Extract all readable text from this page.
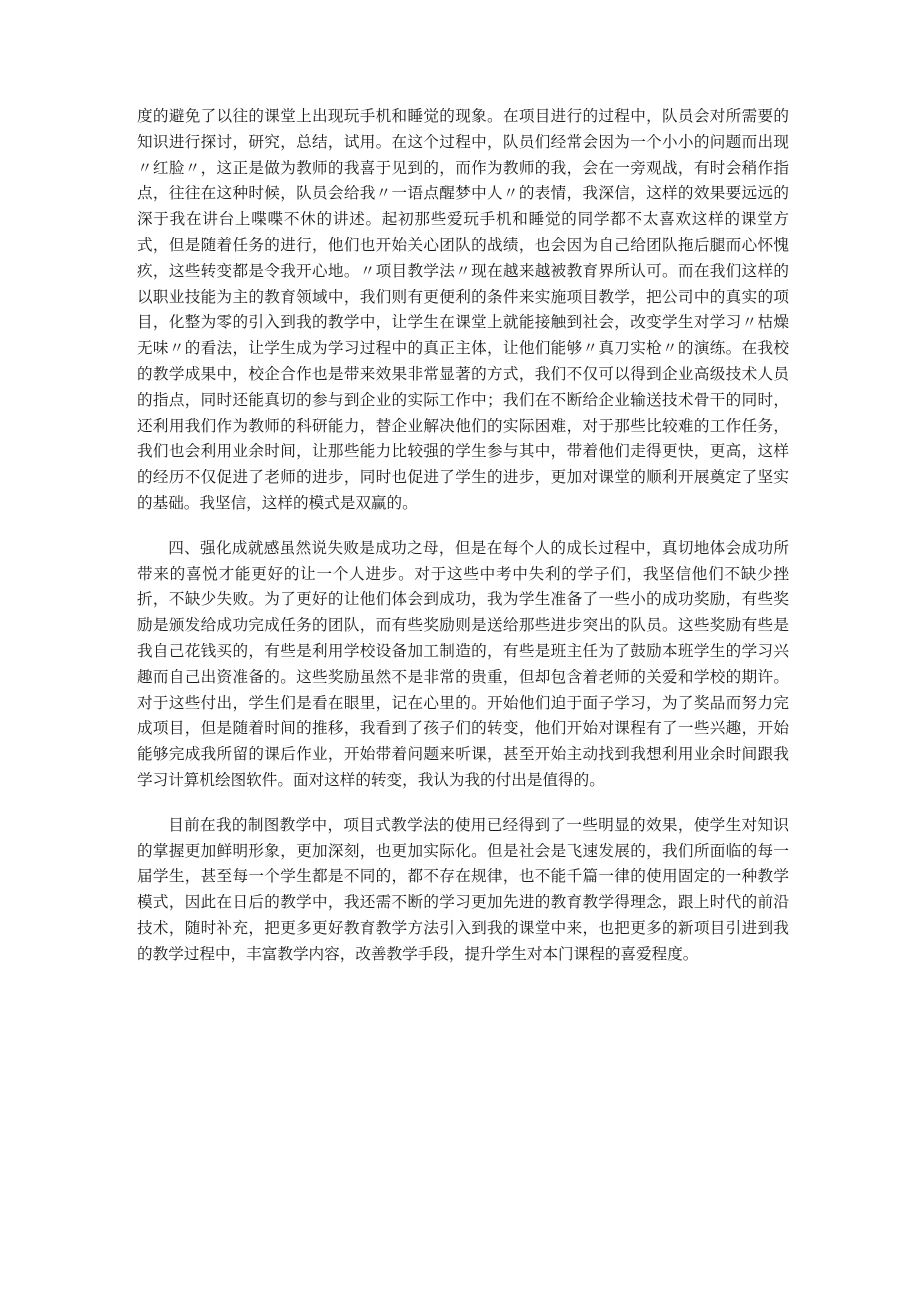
度的避免了以往的课堂上出现玩手机和睡觉的现象。在项目进行的过程中，队员会对所需要的知识进行探讨，研究，总结，试用。在这个过程中，队员们经常会因为一个小小的问题而出现〃红脸〃，这正是做为教师的我喜于见到的，而作为教师的我，会在一旁观战，有时会稍作指点，往往在这种时候，队员会给我〃一语点醒梦中人〃的表情，我深信，这样的效果要远远的深于我在讲台上喋喋不休的讲述。起初那些爱玩手机和睡觉的同学都不太喜欢这样的课堂方式，但是随着任务的进行，他们也开始关心团队的战绩，也会因为自己给团队拖后腿而心怀愧疚，这些转变都是令我开心地。〃项目教学法〃现在越来越被教育界所认可。而在我们这样的以职业技能为主的教育领域中，我们则有更便利的条件来实施项目教学，把公司中的真实的项目，化整为零的引入到我的教学中，让学生在课堂上就能接触到社会，改变学生对学习〃枯燥无味〃的看法，让学生成为学习过程中的真正主体，让他们能够〃真刀实枪〃的演练。在我校的教学成果中，校企合作也是带来效果非常显著的方式，我们不仅可以得到企业高级技术人员的指点，同时还能真切的参与到企业的实际工作中；我们在不断给企业输送技术骨干的同时，还利用我们作为教师的科研能力，替企业解决他们的实际困难，对于那些比较难的工作任务，我们也会利用业余时间，让那些能力比较强的学生参与其中，带着他们走得更快，更高，这样的经历不仅促进了老师的进步，同时也促进了学生的进步，更加对课堂的顺利开展奠定了坚实的基础。我坚信，这样的模式是双赢的。

四、强化成就感虽然说失败是成功之母，但是在每个人的成长过程中，真切地体会成功所带来的喜悦才能更好的让一个人进步。对于这些中考中失利的学子们，我坚信他们不缺少挫折，不缺少失败。为了更好的让他们体会到成功，我为学生准备了一些小的成功奖励，有些奖励是颁发给成功完成任务的团队，而有些奖励则是送给那些进步突出的队员。这些奖励有些是我自己花钱买的，有些是利用学校设备加工制造的，有些是班主任为了鼓励本班学生的学习兴趣而自己出资准备的。这些奖励虽然不是非常的贵重，但却包含着老师的关爱和学校的期许。对于这些付出，学生们是看在眼里，记在心里的。开始他们迫于面子学习，为了奖品而努力完成项目，但是随着时间的推移，我看到了孩子们的转变，他们开始对课程有了一些兴趣，开始能够完成我所留的课后作业，开始带着问题来听课，甚至开始主动找到我想利用业余时间跟我学习计算机绘图软件。面对这样的转变，我认为我的付出是值得的。

目前在我的制图教学中，项目式教学法的使用已经得到了一些明显的效果，使学生对知识的掌握更加鲜明形象，更加深刻，也更加实际化。但是社会是飞速发展的，我们所面临的每一届学生，甚至每一个学生都是不同的，都不存在规律，也不能千篇一律的使用固定的一种教学模式，因此在日后的教学中，我还需不断的学习更加先进的教育教学得理念，跟上时代的前沿技术，随时补充，把更多更好教育教学方法引入到我的课堂中来，也把更多的新项目引进到我的教学过程中，丰富教学内容，改善教学手段，提升学生对本门课程的喜爱程度。
